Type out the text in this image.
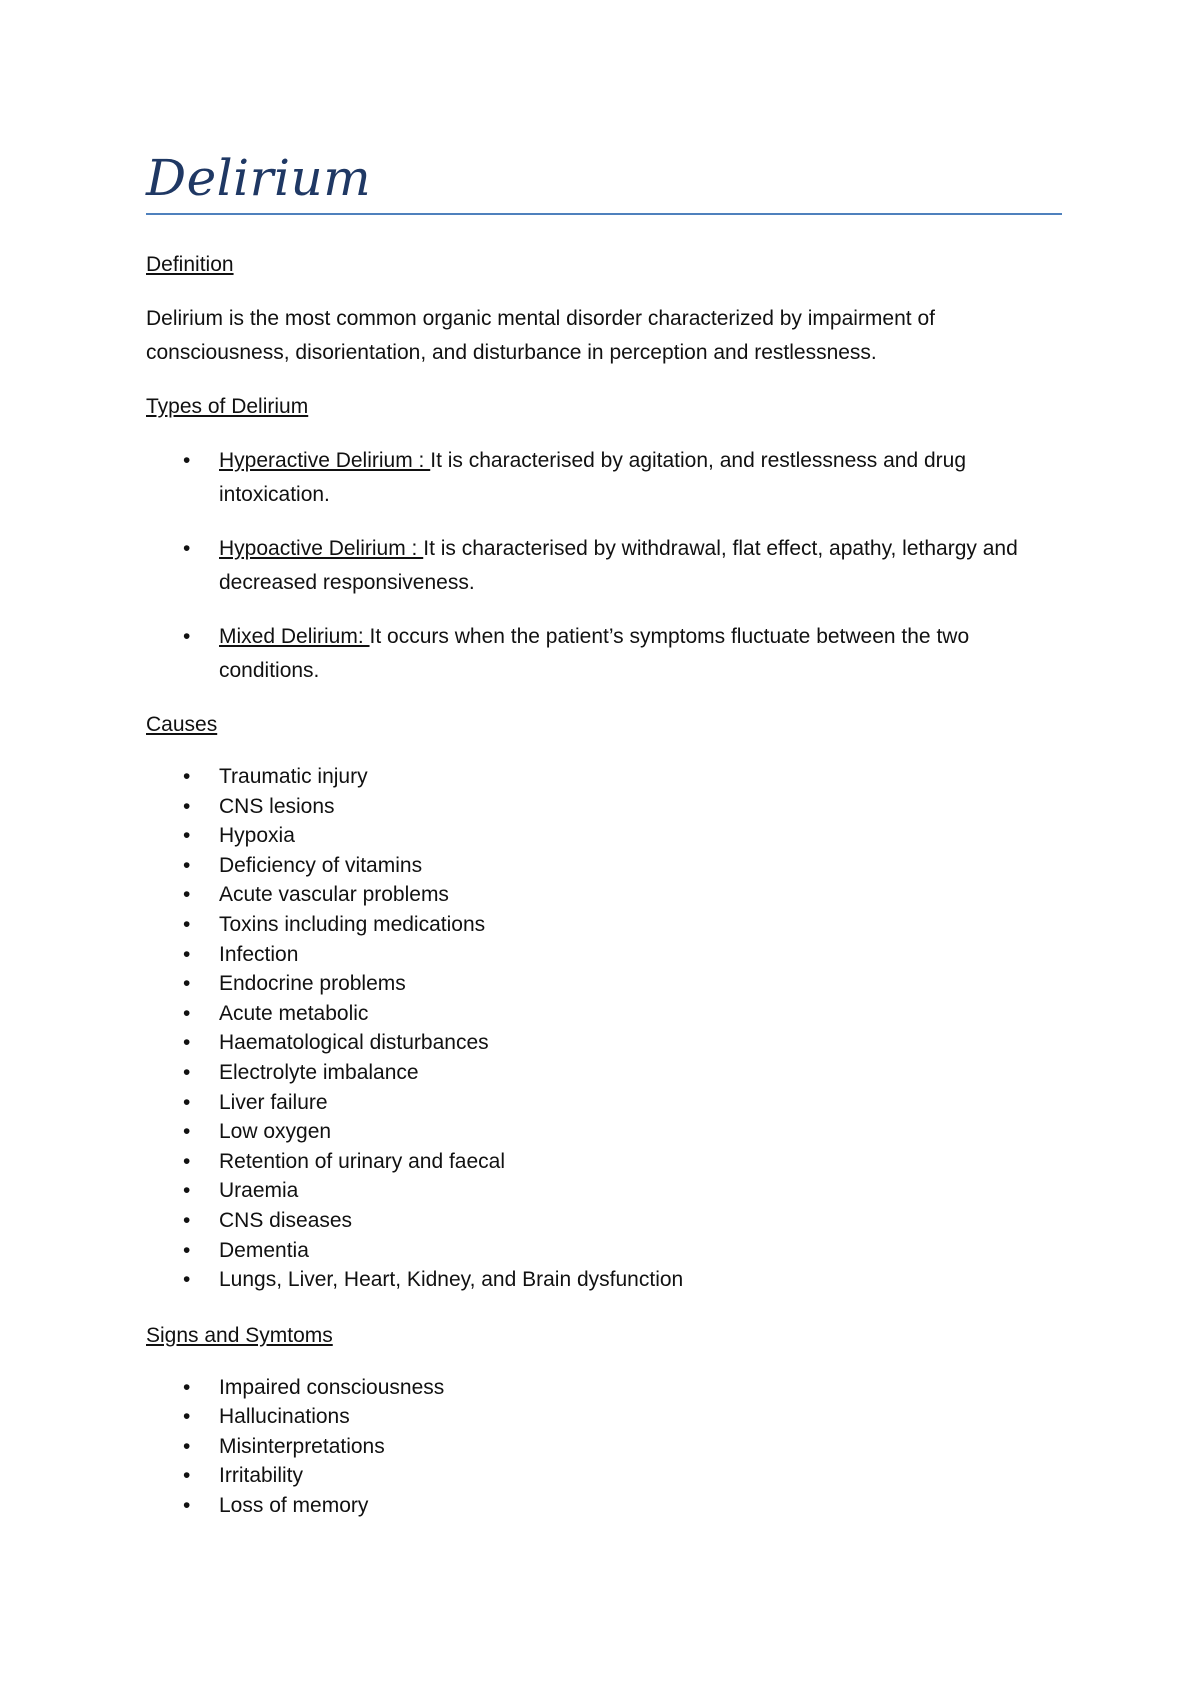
Delirium
Definition
Delirium is the most common organic mental disorder characterized by impairment of consciousness, disorientation, and disturbance in perception and restlessness.
Types of Delirium
•	Hyperactive Delirium : It is characterised by agitation, and restlessness and drug intoxication.
•	Hypoactive Delirium : It is characterised by withdrawal, flat effect, apathy, lethargy and decreased responsiveness.
•	Mixed Delirium: It occurs when the patient’s symptoms fluctuate between the two conditions.
Causes
•	Traumatic injury
•	CNS lesions
•	Hypoxia
•	Deficiency of vitamins
•	Acute vascular problems
•	Toxins including medications
•	Infection
•	Endocrine problems
•	Acute metabolic
•	Haematological disturbances
•	Electrolyte imbalance
•	Liver failure
•	Low oxygen
•	Retention of urinary and faecal
•	Uraemia
•	CNS diseases
•	Dementia
•	Lungs, Liver, Heart, Kidney, and Brain dysfunction
Signs and Symtoms
•	Impaired consciousness
•	Hallucinations
•	Misinterpretations
•	Irritability
•	Loss of memory
